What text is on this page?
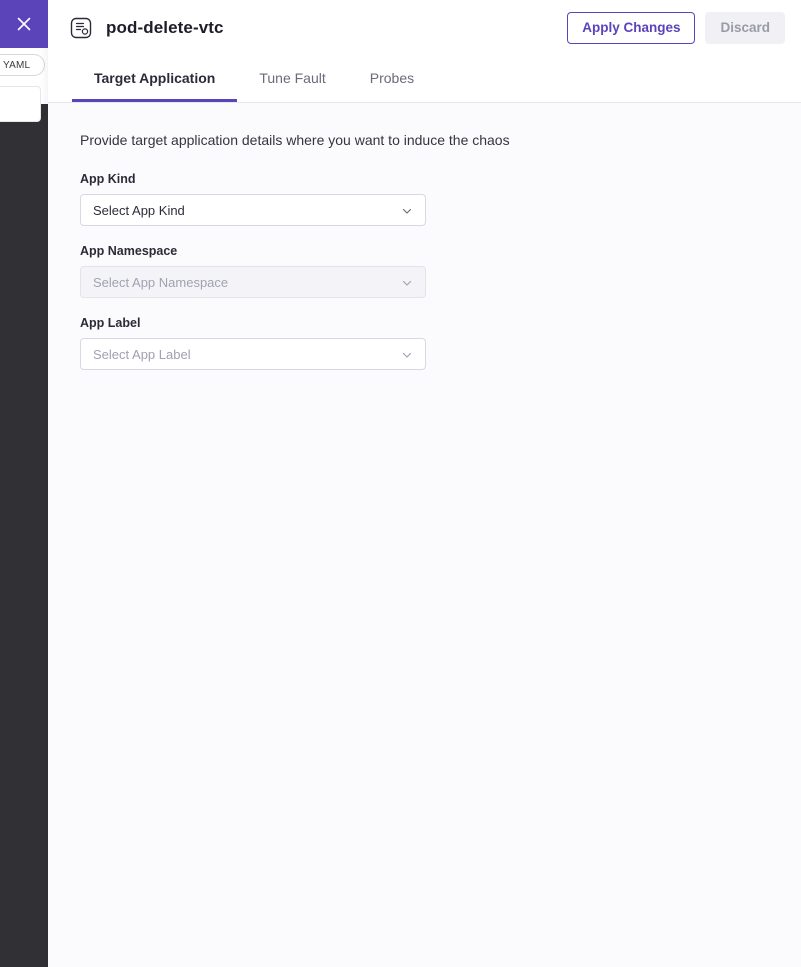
YAML
pod-delete-vtc	Apply Changes	Discard
Target Application	Tune Fault	Probes
Provide target application details where you want to induce the chaos
App Kind
Select App Kind
App Namespace
Select App Namespace
App Label
Select App Label
